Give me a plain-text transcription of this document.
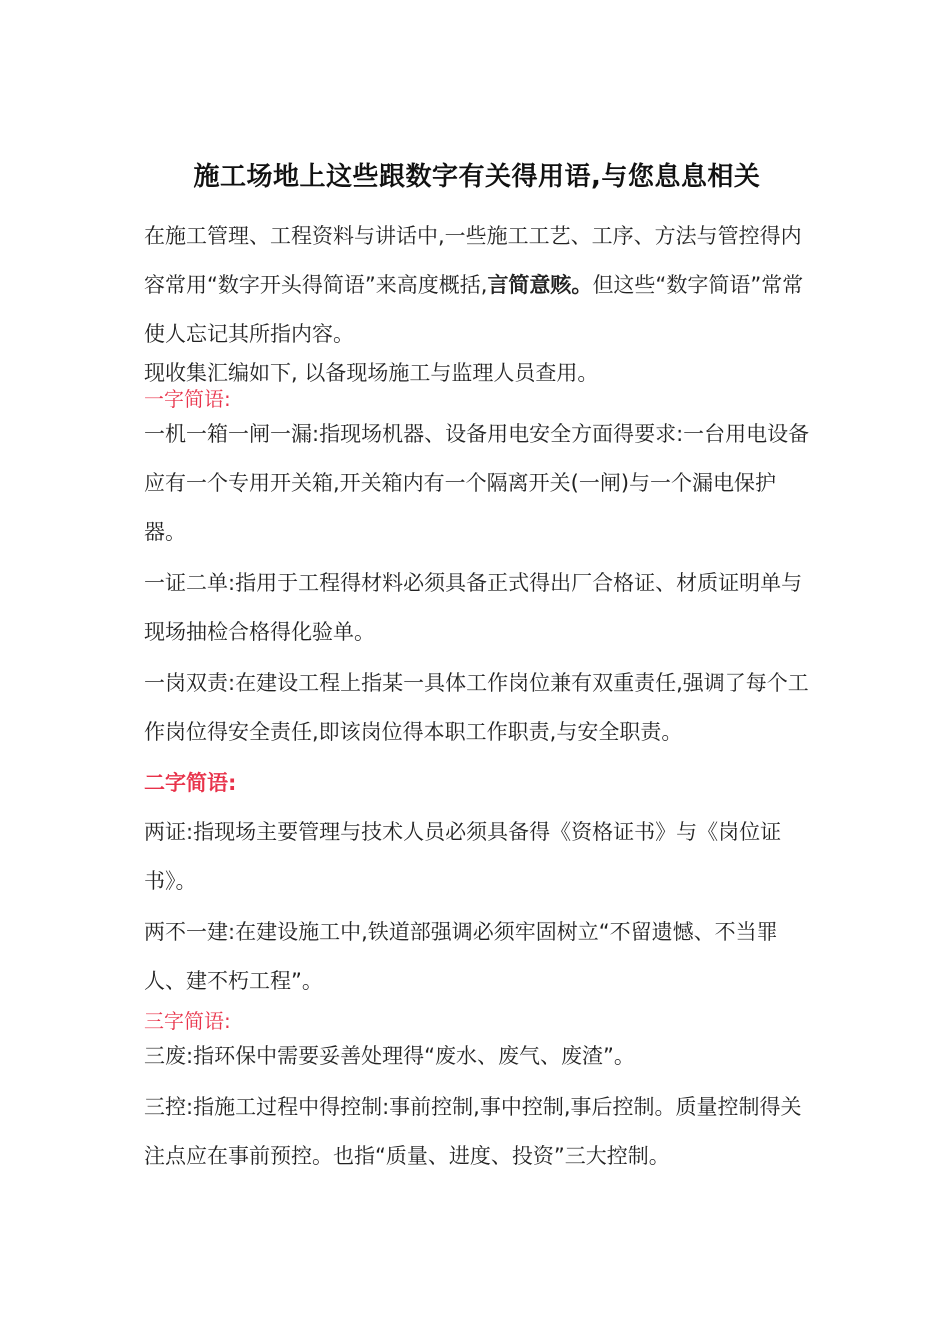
施工场地上这些跟数字有关得用语,与您息息相关

在施工管理、工程资料与讲话中,一些施工工艺、工序、方法与管控得内容常用“数字开头得简语”来高度概括,言简意赅。但这些“数字简语”常常使人忘记其所指内容。

现收集汇编如下, 以备现场施工与监理人员查用。
一字简语:

一机一箱一闸一漏:指现场机器、设备用电安全方面得要求:一台用电设备应有一个专用开关箱,开关箱内有一个隔离开关(一闸)与一个漏电保护器。

一证二单:指用于工程得材料必须具备正式得出厂合格证、材质证明单与现场抽检合格得化验单。

一岗双责:在建设工程上指某一具体工作岗位兼有双重责任,强调了每个工作岗位得安全责任,即该岗位得本职工作职责,与安全职责。

二字简语:

两证:指现场主要管理与技术人员必须具备得《资格证书》与《岗位证书》。

两不一建:在建设施工中,铁道部强调必须牢固树立“不留遗憾、不当罪人、建不朽工程”。

三字简语:

三废:指环保中需要妥善处理得“废水、废气、废渣”。

三控:指施工过程中得控制:事前控制,事中控制,事后控制。质量控制得关注点应在事前预控。也指“质量、进度、投资”三大控制。
